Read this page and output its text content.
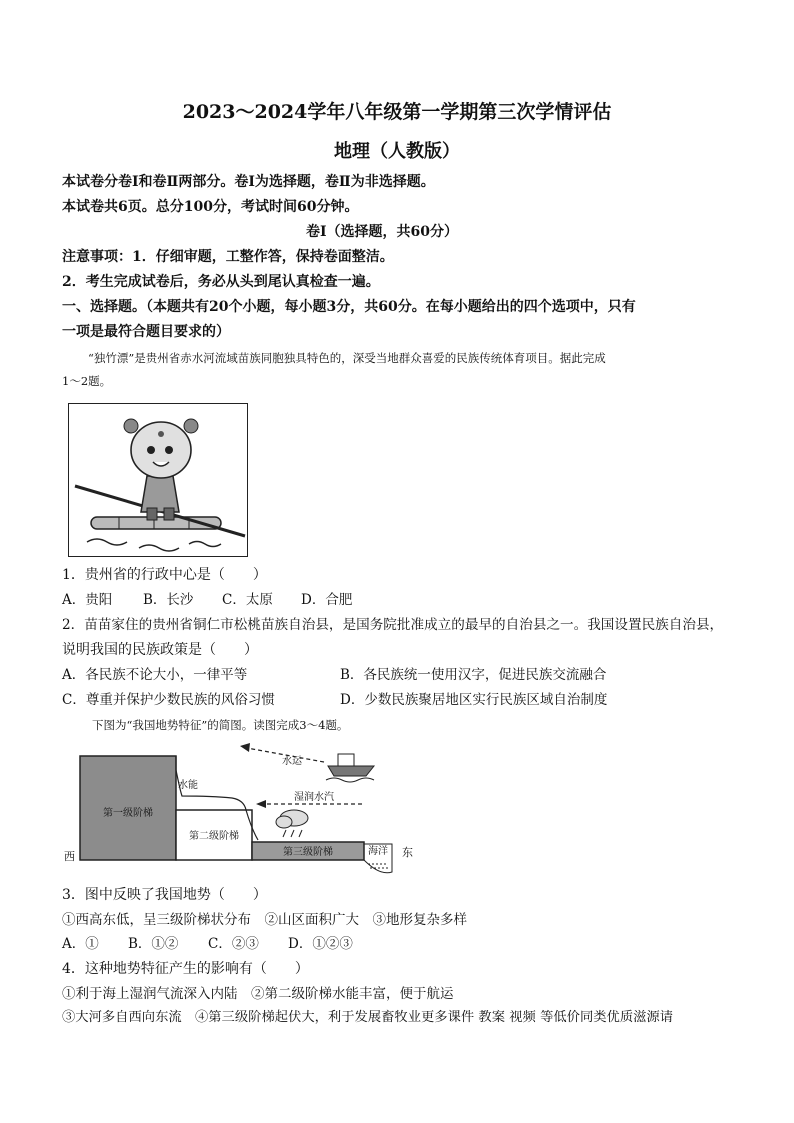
2023～2024学年八年级第一学期第三次学情评估
地理（人教版）
本试卷分卷Ⅰ和卷Ⅱ两部分。卷Ⅰ为选择题，卷Ⅱ为非选择题。
本试卷共6页。总分100分，考试时间60分钟。
卷Ⅰ（选择题，共60分）
注意事项：1．仔细审题，工整作答，保持卷面整洁。
2．考生完成试卷后，务必从头到尾认真检查一遍。
一、选择题。（本题共有20个小题，每小题3分，共60分。在每小题给出的四个选项中，只有
一项是最符合题目要求的）
“独竹漂”是贵州省赤水河流域苗族同胞独具特色的，深受当地群众喜爱的民族传统体育项目。据此完成
1～2题。
1．贵州省的行政中心是（　　）
A．贵阳 B．长沙 C．太原 D．合肥
2．苗苗家住的贵州省铜仁市松桃苗族自治县，是国务院批准成立的最早的自治县之一。我国设置民族自治县，
说明我国的民族政策是（　　）
A．各民族不论大小，一律平等	B．各民族统一使用汉字，促进民族交流融合
C．尊重并保护少数民族的风俗习惯	D．少数民族聚居地区实行民族区域自治制度
下图为“我国地势特征”的简图。读图完成3～4题。
第一级阶梯
第二级阶梯
第三级阶梯
水能
水运
湿润水汽
海洋
西	东
3．图中反映了我国地势（　　）
①西高东低，呈三级阶梯状分布　②山区面积广大　③地形复杂多样
A．① B．①② C．②③ D．①②③
4．这种地势特征产生的影响有（　　）
①利于海上湿润气流深入内陆　②第二级阶梯水能丰富，便于航运
③大河多自西向东流　④第三级阶梯起伏大，利于发展畜牧业更多课件 教案 视频 等低价同类优质滋源请
